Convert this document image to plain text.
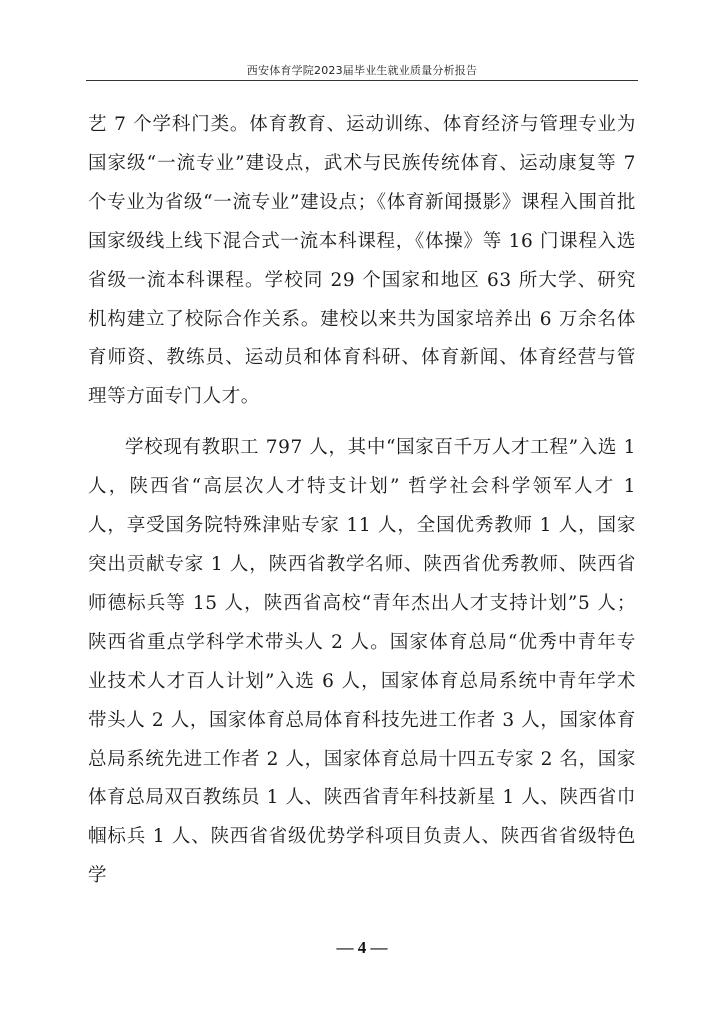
西安体育学院2023届毕业生就业质量分析报告

艺 7 个学科门类。体育教育、运动训练、体育经济与管理专业为国家级“一流专业”建设点，武术与民族传统体育、运动康复等 7 个专业为省级“一流专业”建设点；《体育新闻摄影》课程入围首批国家级线上线下混合式一流本科课程，《体操》等 16 门课程入选省级一流本科课程。学校同 29 个国家和地区 63 所大学、研究机构建立了校际合作关系。建校以来共为国家培养出 6 万余名体育师资、教练员、运动员和体育科研、体育新闻、体育经营与管理等方面专门人才。

学校现有教职工 797 人，其中“国家百千万人才工程”入选 1 人，陕西省“高层次人才特支计划” 哲学社会科学领军人才 1 人，享受国务院特殊津贴专家 11 人，全国优秀教师 1 人，国家突出贡献专家 1 人，陕西省教学名师、陕西省优秀教师、陕西省师德标兵等 15 人，陕西省高校“青年杰出人才支持计划”5 人；陕西省重点学科学术带头人 2 人。国家体育总局“优秀中青年专业技术人才百人计划”入选 6 人，国家体育总局系统中青年学术带头人 2 人，国家体育总局体育科技先进工作者 3 人，国家体育总局系统先进工作者 2 人，国家体育总局十四五专家 2 名，国家体育总局双百教练员 1 人、陕西省青年科技新星 1 人、陕西省巾帼标兵 1 人、陕西省省级优势学科项目负责人、陕西省省级特色学

— 4 —
